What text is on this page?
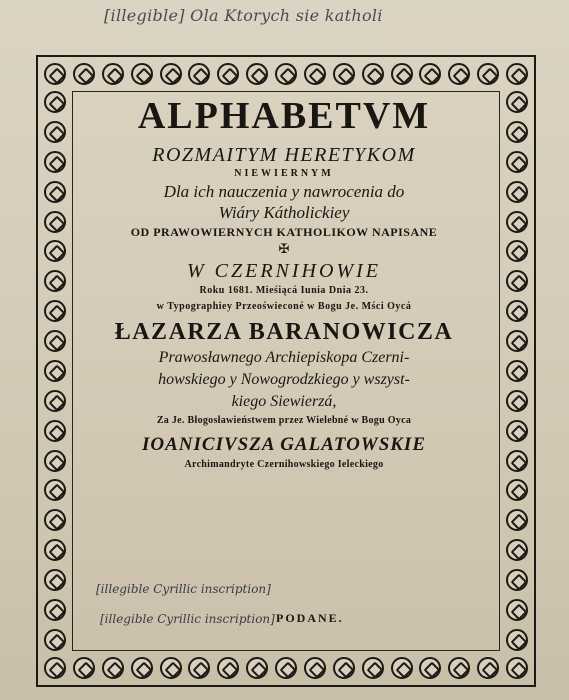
[illegible] Ola Ktorych sie katholi
ALPHABETVM
ROZMAITYM HERETYKOM
NIEWIERNYM
Dla ich nauczenia y nawrocenia do
Wiáry Kátholickiey
OD PRAWOWIERNYCH KATHOLIKOW NAPISANE
✠
W CZERNIHOWIE
Roku 1681. Mieśiącá Iunia Dnia 23.
w Typographiey Przeoświeconé w Bogu Je. Mści Oycá
ŁAZARZA BARANOWICZA
Prawosławnego Archiepiskopa Czerni-
howskiego y Nowogrodzkiego y wszyst-
kiego Siewierzá,
Za Je. Błogosławieństwem przez Wielebné w Bogu Oyca
IOANICIVSZA GALATOWSKIE
Archimandryte Czernihowskiego Ieleckiego
[illegible Cyrillic inscription]
[illegible Cyrillic inscription] PODANE.
